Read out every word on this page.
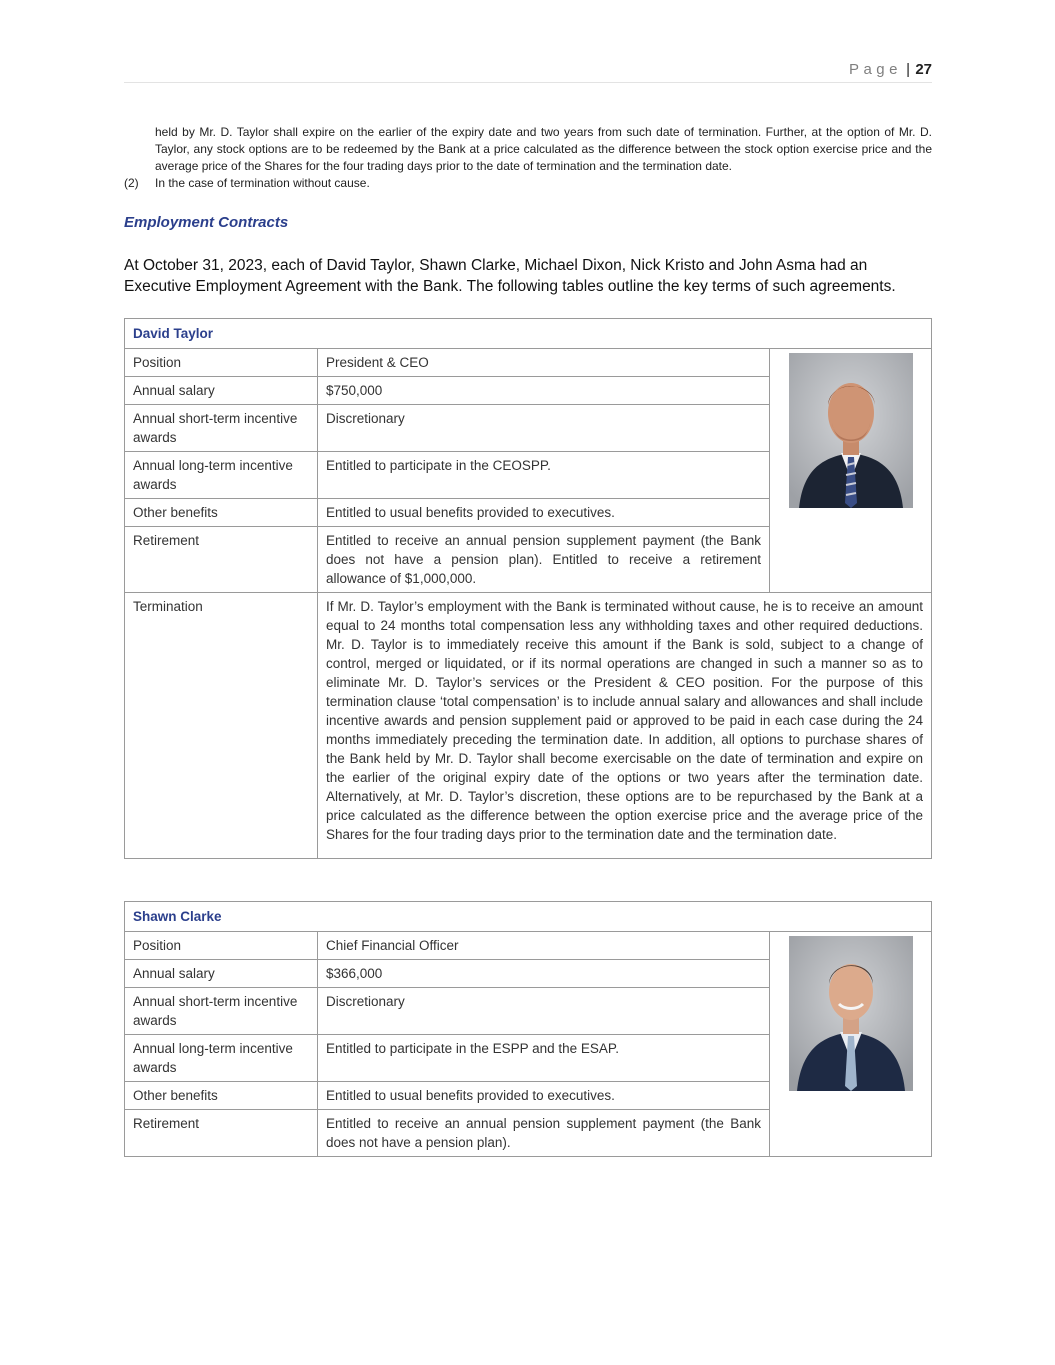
Page | 27
held by Mr. D. Taylor shall expire on the earlier of the expiry date and two years from such date of termination. Further, at the option of Mr. D. Taylor, any stock options are to be redeemed by the Bank at a price calculated as the difference between the stock option exercise price and the average price of the Shares for the four trading days prior to the date of termination and the termination date.
(2) In the case of termination without cause.
Employment Contracts
At October 31, 2023, each of David Taylor, Shawn Clarke, Michael Dixon, Nick Kristo and John Asma had an Executive Employment Agreement with the Bank. The following tables outline the key terms of such agreements.
David Taylor		
Position	President & CEO	

Annual salary	$750,000	
Annual short-term incentive awards	Discretionary	
Annual long-term incentive awards	Entitled to participate in the CEOSPP.	
Other benefits	Entitled to usual benefits provided to executives.	
Retirement	Entitled to receive an annual pension supplement payment (the Bank does not have a pension plan). Entitled to receive a retirement allowance of $1,000,000.	
Termination	If Mr. D. Taylor’s employment with the Bank is terminated without cause, he is to receive an amount equal to 24 months total compensation less any withholding taxes and other required deductions. Mr. D. Taylor is to immediately receive this amount if the Bank is sold, subject to a change of control, merged or liquidated, or if its normal operations are changed in such a manner so as to eliminate Mr. D. Taylor’s services or the President & CEO position. For the purpose of this termination clause ‘total compensation’ is to include annual salary and allowances and shall include incentive awards and pension supplement paid or approved to be paid in each case during the 24 months immediately preceding the termination date. In addition, all options to purchase shares of the Bank held by Mr. D. Taylor shall become exercisable on the date of termination and expire on the earlier of the original expiry date of the options or two years after the termination date. Alternatively, at Mr. D. Taylor’s discretion, these options are to be repurchased by the Bank at a price calculated as the difference between the option exercise price and the average price of the Shares for the four trading days prior to the termination date and the termination date.	
Shawn Clarke		
Position	Chief Financial Officer	

Annual salary	$366,000	
Annual short-term incentive awards	Discretionary	
Annual long-term incentive awards	Entitled to participate in the ESPP and the ESAP.	
Other benefits	Entitled to usual benefits provided to executives.	
Retirement	Entitled to receive an annual pension supplement payment (the Bank does not have a pension plan).	
